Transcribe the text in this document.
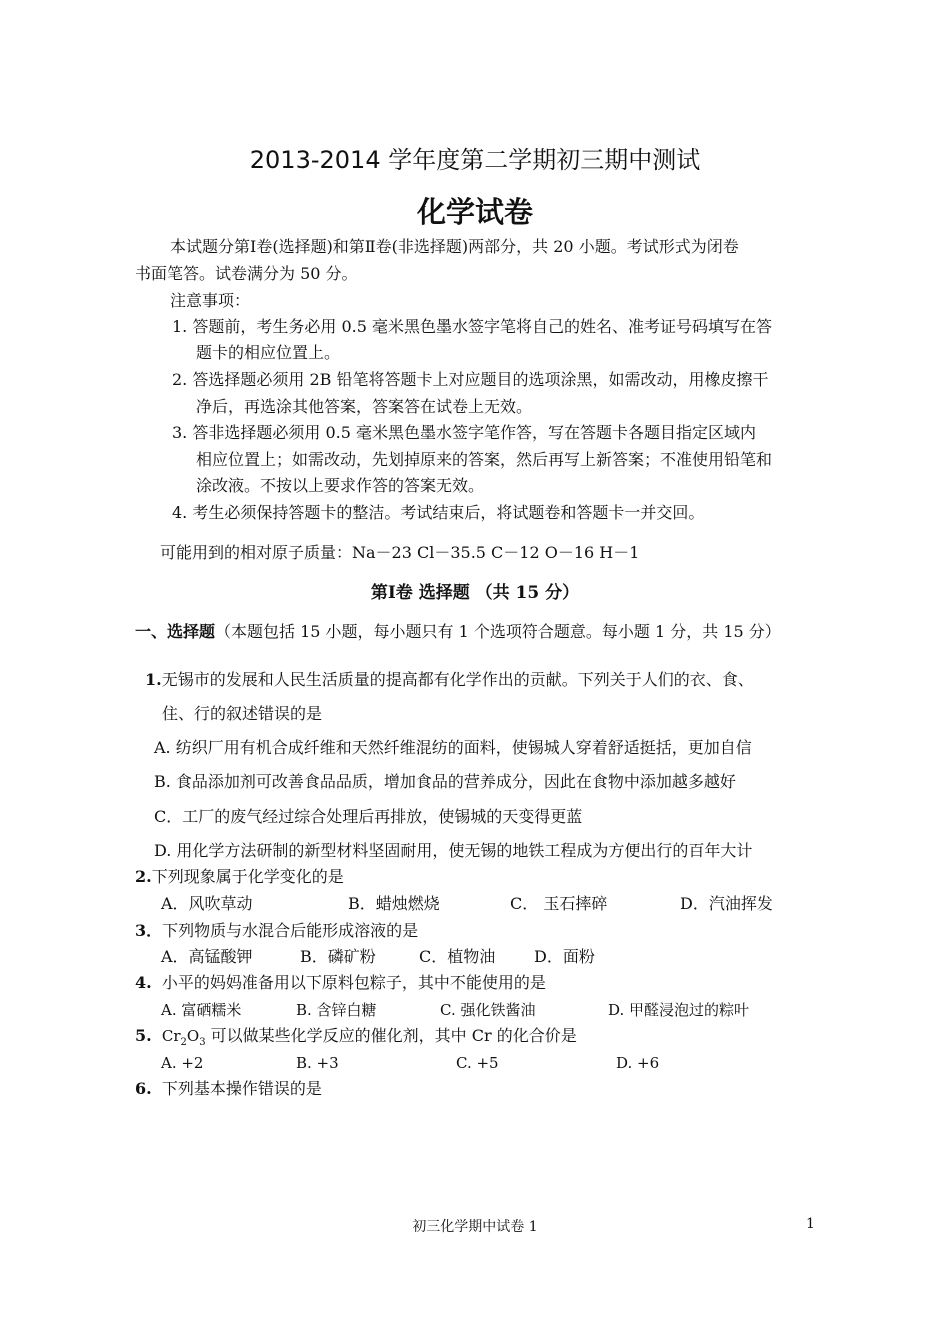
2013-2014 学年度第二学期初三期中测试
化学试卷
本试题分第Ⅰ卷(选择题)和第Ⅱ卷(非选择题)两部分，共 20 小题。考试形式为闭卷
书面笔答。试卷满分为 50 分。
注意事项：
1. 答题前，考生务必用 0.5 毫米黑色墨水签字笔将自己的姓名、准考证号码填写在答
题卡的相应位置上。
2. 答选择题必须用 2B 铅笔将答题卡上对应题目的选项涂黑，如需改动，用橡皮擦干
净后，再选涂其他答案，答案答在试卷上无效。
3. 答非选择题必须用 0.5 毫米黑色墨水签字笔作答，写在答题卡各题目指定区域内
相应位置上；如需改动，先划掉原来的答案，然后再写上新答案；不准使用铅笔和
涂改液。不按以上要求作答的答案无效。
4. 考生必须保持答题卡的整洁。考试结束后，将试题卷和答题卡一并交回。
可能用到的相对原子质量：Na－23 Cl－35.5 C－12 O－16 H－1
第Ⅰ卷 选择题 （共 15 分）
一、选择题（本题包括 15 小题，每小题只有 1 个选项符合题意。每小题 1 分，共 15 分）
1.无锡市的发展和人民生活质量的提高都有化学作出的贡献。下列关于人们的衣、食、
住、行的叙述错误的是
A. 纺织厂用有机合成纤维和天然纤维混纺的面料，使锡城人穿着舒适挺括，更加自信
B. 食品添加剂可改善食品品质，增加食品的营养成分，因此在食物中添加越多越好
C．工厂的废气经过综合处理后再排放，使锡城的天变得更蓝
D. 用化学方法研制的新型材料坚固耐用，使无锡的地铁工程成为方便出行的百年大计
2.下列现象属于化学变化的是
A．风吹草动	B．蜡烛燃烧	C． 玉石摔碎	D．汽油挥发
3．下列物质与水混合后能形成溶液的是
A．高锰酸钾	B．磷矿粉	C．植物油 D．面粉
4. 小平的妈妈准备用以下原料包粽子，其中不能使用的是
A. 富硒糯米	B. 含锌白糖	C. 强化铁酱油	D. 甲醛浸泡过的粽叶
5. $Cr_2O_3$ 可以做某些化学反应的催化剂，其中 Cr 的化合价是
A. +2	B. +3	C. +5	D. +6
6. 下列基本操作错误的是
初三化学期中试卷 1	1
